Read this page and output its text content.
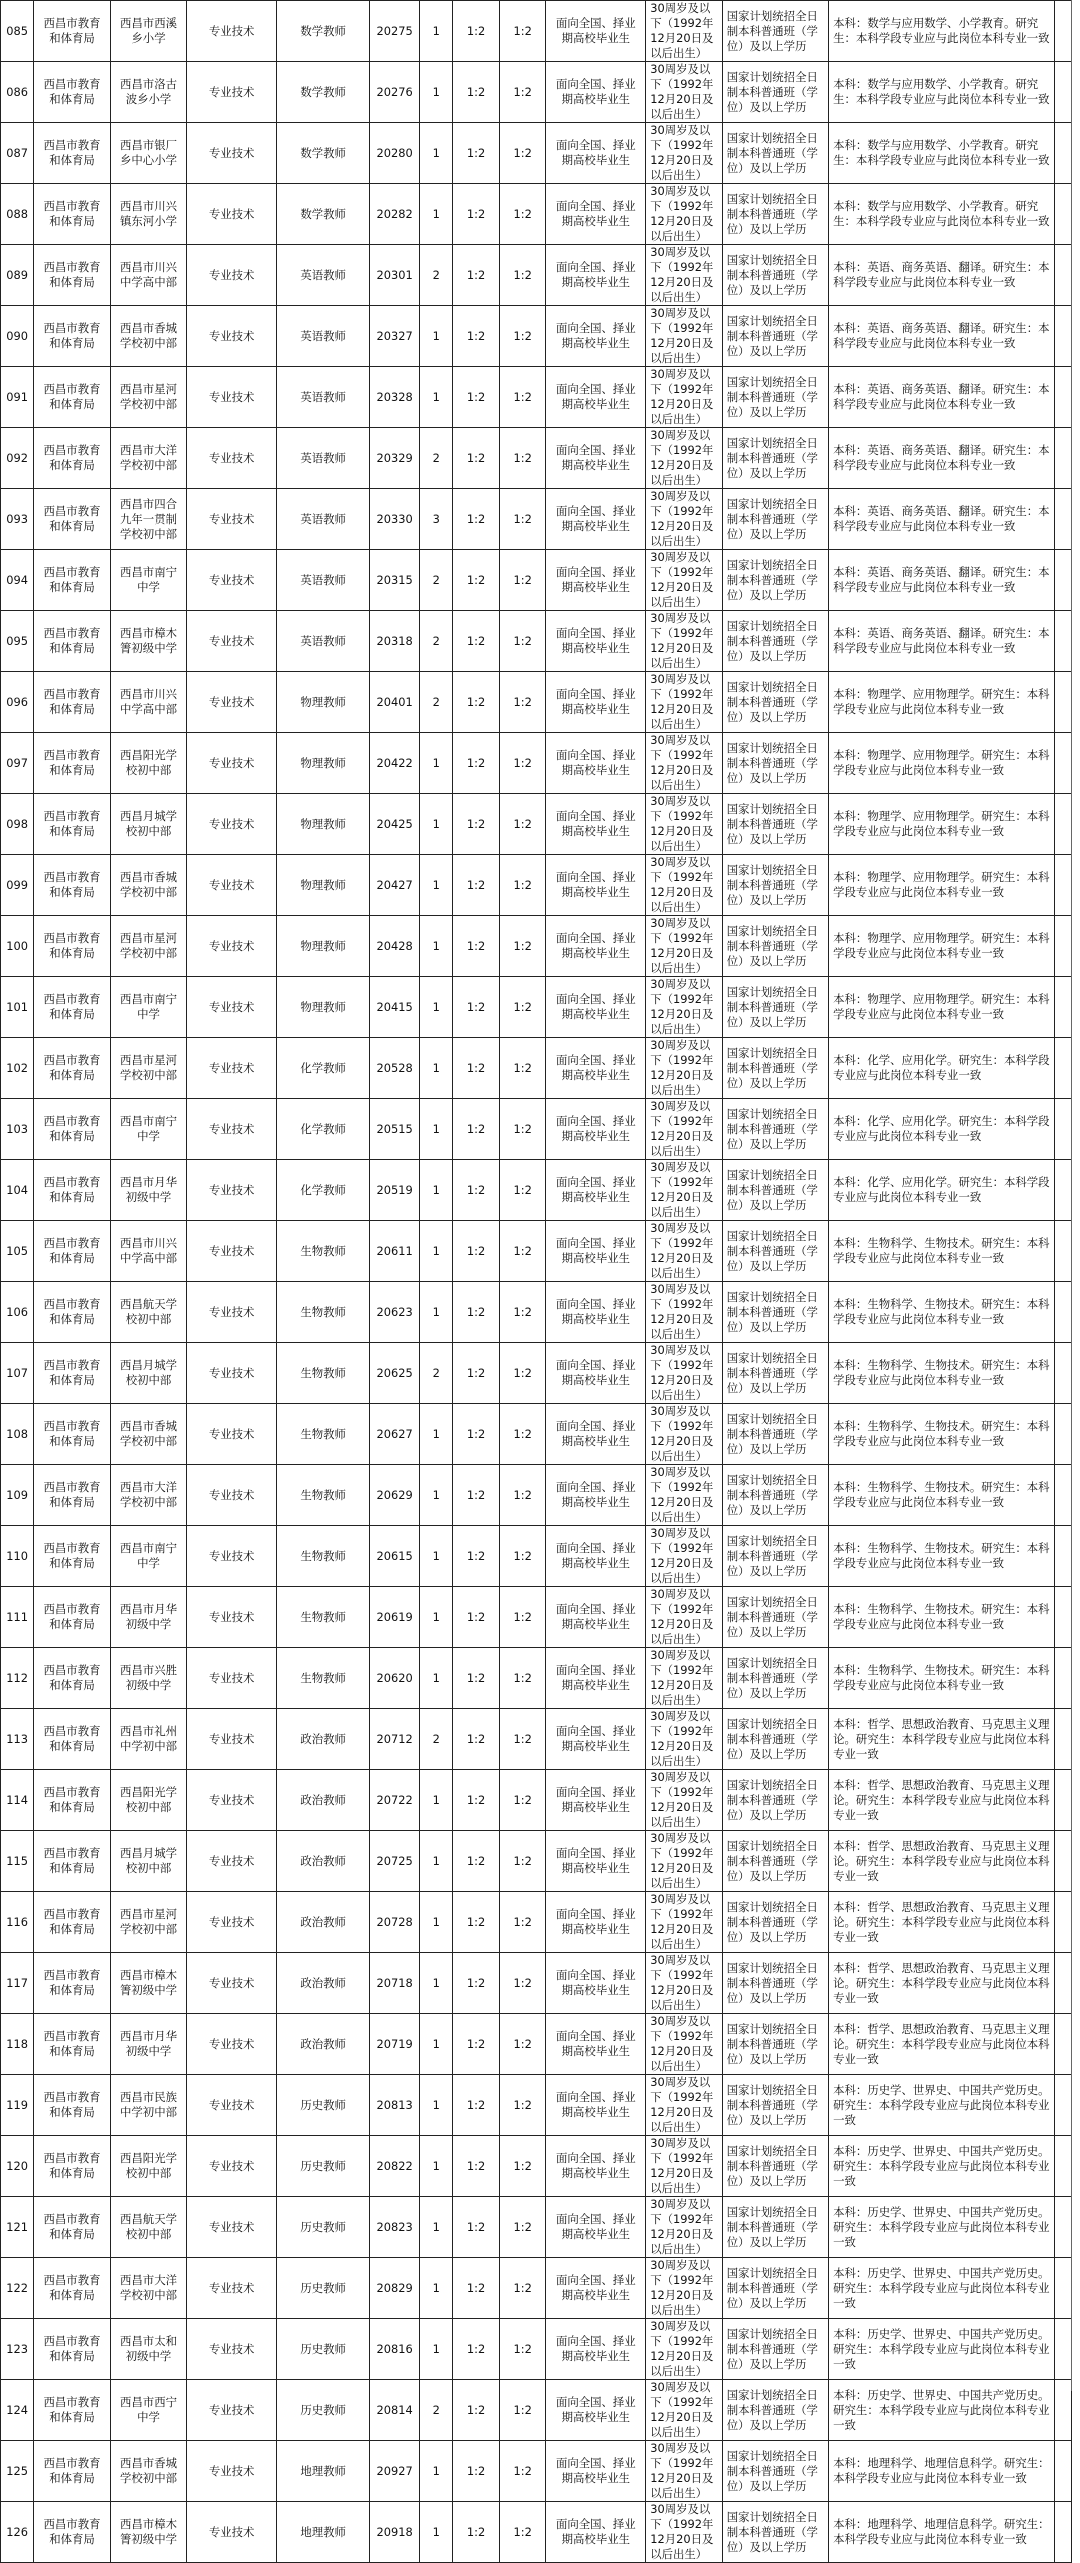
085	西昌市教育和体育局	西昌市西溪乡小学	专业技术	数学教师	20275	1	1:2	1:2	面向全国、择业期高校毕业生	30周岁及以下（1992年12月20日及以后出生）	国家计划统招全日制本科普通班（学位）及以上学历	本科：数学与应用数学、小学教育。研究生：本科学段专业应与此岗位本科专业一致	
086	西昌市教育和体育局	西昌市洛古波乡小学	专业技术	数学教师	20276	1	1:2	1:2	面向全国、择业期高校毕业生	30周岁及以下（1992年12月20日及以后出生）	国家计划统招全日制本科普通班（学位）及以上学历	本科：数学与应用数学、小学教育。研究生：本科学段专业应与此岗位本科专业一致	
087	西昌市教育和体育局	西昌市银厂乡中心小学	专业技术	数学教师	20280	1	1:2	1:2	面向全国、择业期高校毕业生	30周岁及以下（1992年12月20日及以后出生）	国家计划统招全日制本科普通班（学位）及以上学历	本科：数学与应用数学、小学教育。研究生：本科学段专业应与此岗位本科专业一致	
088	西昌市教育和体育局	西昌市川兴镇东河小学	专业技术	数学教师	20282	1	1:2	1:2	面向全国、择业期高校毕业生	30周岁及以下（1992年12月20日及以后出生）	国家计划统招全日制本科普通班（学位）及以上学历	本科：数学与应用数学、小学教育。研究生：本科学段专业应与此岗位本科专业一致	
089	西昌市教育和体育局	西昌市川兴中学高中部	专业技术	英语教师	20301	2	1:2	1:2	面向全国、择业期高校毕业生	30周岁及以下（1992年12月20日及以后出生）	国家计划统招全日制本科普通班（学位）及以上学历	本科：英语、商务英语、翻译。研究生：本科学段专业应与此岗位本科专业一致	
090	西昌市教育和体育局	西昌市香城学校初中部	专业技术	英语教师	20327	1	1:2	1:2	面向全国、择业期高校毕业生	30周岁及以下（1992年12月20日及以后出生）	国家计划统招全日制本科普通班（学位）及以上学历	本科：英语、商务英语、翻译。研究生：本科学段专业应与此岗位本科专业一致	
091	西昌市教育和体育局	西昌市星河学校初中部	专业技术	英语教师	20328	1	1:2	1:2	面向全国、择业期高校毕业生	30周岁及以下（1992年12月20日及以后出生）	国家计划统招全日制本科普通班（学位）及以上学历	本科：英语、商务英语、翻译。研究生：本科学段专业应与此岗位本科专业一致	
092	西昌市教育和体育局	西昌市大洋学校初中部	专业技术	英语教师	20329	2	1:2	1:2	面向全国、择业期高校毕业生	30周岁及以下（1992年12月20日及以后出生）	国家计划统招全日制本科普通班（学位）及以上学历	本科：英语、商务英语、翻译。研究生：本科学段专业应与此岗位本科专业一致	
093	西昌市教育和体育局	西昌市四合九年一贯制学校初中部	专业技术	英语教师	20330	3	1:2	1:2	面向全国、择业期高校毕业生	30周岁及以下（1992年12月20日及以后出生）	国家计划统招全日制本科普通班（学位）及以上学历	本科：英语、商务英语、翻译。研究生：本科学段专业应与此岗位本科专业一致	
094	西昌市教育和体育局	西昌市南宁中学	专业技术	英语教师	20315	2	1:2	1:2	面向全国、择业期高校毕业生	30周岁及以下（1992年12月20日及以后出生）	国家计划统招全日制本科普通班（学位）及以上学历	本科：英语、商务英语、翻译。研究生：本科学段专业应与此岗位本科专业一致	
095	西昌市教育和体育局	西昌市樟木箐初级中学	专业技术	英语教师	20318	2	1:2	1:2	面向全国、择业期高校毕业生	30周岁及以下（1992年12月20日及以后出生）	国家计划统招全日制本科普通班（学位）及以上学历	本科：英语、商务英语、翻译。研究生：本科学段专业应与此岗位本科专业一致	
096	西昌市教育和体育局	西昌市川兴中学高中部	专业技术	物理教师	20401	2	1:2	1:2	面向全国、择业期高校毕业生	30周岁及以下（1992年12月20日及以后出生）	国家计划统招全日制本科普通班（学位）及以上学历	本科：物理学、应用物理学。研究生：本科学段专业应与此岗位本科专业一致	
097	西昌市教育和体育局	西昌阳光学校初中部	专业技术	物理教师	20422	1	1:2	1:2	面向全国、择业期高校毕业生	30周岁及以下（1992年12月20日及以后出生）	国家计划统招全日制本科普通班（学位）及以上学历	本科：物理学、应用物理学。研究生：本科学段专业应与此岗位本科专业一致	
098	西昌市教育和体育局	西昌月城学校初中部	专业技术	物理教师	20425	1	1:2	1:2	面向全国、择业期高校毕业生	30周岁及以下（1992年12月20日及以后出生）	国家计划统招全日制本科普通班（学位）及以上学历	本科：物理学、应用物理学。研究生：本科学段专业应与此岗位本科专业一致	
099	西昌市教育和体育局	西昌市香城学校初中部	专业技术	物理教师	20427	1	1:2	1:2	面向全国、择业期高校毕业生	30周岁及以下（1992年12月20日及以后出生）	国家计划统招全日制本科普通班（学位）及以上学历	本科：物理学、应用物理学。研究生：本科学段专业应与此岗位本科专业一致	
100	西昌市教育和体育局	西昌市星河学校初中部	专业技术	物理教师	20428	1	1:2	1:2	面向全国、择业期高校毕业生	30周岁及以下（1992年12月20日及以后出生）	国家计划统招全日制本科普通班（学位）及以上学历	本科：物理学、应用物理学。研究生：本科学段专业应与此岗位本科专业一致	
101	西昌市教育和体育局	西昌市南宁中学	专业技术	物理教师	20415	1	1:2	1:2	面向全国、择业期高校毕业生	30周岁及以下（1992年12月20日及以后出生）	国家计划统招全日制本科普通班（学位）及以上学历	本科：物理学、应用物理学。研究生：本科学段专业应与此岗位本科专业一致	
102	西昌市教育和体育局	西昌市星河学校初中部	专业技术	化学教师	20528	1	1:2	1:2	面向全国、择业期高校毕业生	30周岁及以下（1992年12月20日及以后出生）	国家计划统招全日制本科普通班（学位）及以上学历	本科：化学、应用化学。研究生：本科学段专业应与此岗位本科专业一致	
103	西昌市教育和体育局	西昌市南宁中学	专业技术	化学教师	20515	1	1:2	1:2	面向全国、择业期高校毕业生	30周岁及以下（1992年12月20日及以后出生）	国家计划统招全日制本科普通班（学位）及以上学历	本科：化学、应用化学。研究生：本科学段专业应与此岗位本科专业一致	
104	西昌市教育和体育局	西昌市月华初级中学	专业技术	化学教师	20519	1	1:2	1:2	面向全国、择业期高校毕业生	30周岁及以下（1992年12月20日及以后出生）	国家计划统招全日制本科普通班（学位）及以上学历	本科：化学、应用化学。研究生：本科学段专业应与此岗位本科专业一致	
105	西昌市教育和体育局	西昌市川兴中学高中部	专业技术	生物教师	20611	1	1:2	1:2	面向全国、择业期高校毕业生	30周岁及以下（1992年12月20日及以后出生）	国家计划统招全日制本科普通班（学位）及以上学历	本科：生物科学、生物技术。研究生：本科学段专业应与此岗位本科专业一致	
106	西昌市教育和体育局	西昌航天学校初中部	专业技术	生物教师	20623	1	1:2	1:2	面向全国、择业期高校毕业生	30周岁及以下（1992年12月20日及以后出生）	国家计划统招全日制本科普通班（学位）及以上学历	本科：生物科学、生物技术。研究生：本科学段专业应与此岗位本科专业一致	
107	西昌市教育和体育局	西昌月城学校初中部	专业技术	生物教师	20625	2	1:2	1:2	面向全国、择业期高校毕业生	30周岁及以下（1992年12月20日及以后出生）	国家计划统招全日制本科普通班（学位）及以上学历	本科：生物科学、生物技术。研究生：本科学段专业应与此岗位本科专业一致	
108	西昌市教育和体育局	西昌市香城学校初中部	专业技术	生物教师	20627	1	1:2	1:2	面向全国、择业期高校毕业生	30周岁及以下（1992年12月20日及以后出生）	国家计划统招全日制本科普通班（学位）及以上学历	本科：生物科学、生物技术。研究生：本科学段专业应与此岗位本科专业一致	
109	西昌市教育和体育局	西昌市大洋学校初中部	专业技术	生物教师	20629	1	1:2	1:2	面向全国、择业期高校毕业生	30周岁及以下（1992年12月20日及以后出生）	国家计划统招全日制本科普通班（学位）及以上学历	本科：生物科学、生物技术。研究生：本科学段专业应与此岗位本科专业一致	
110	西昌市教育和体育局	西昌市南宁中学	专业技术	生物教师	20615	1	1:2	1:2	面向全国、择业期高校毕业生	30周岁及以下（1992年12月20日及以后出生）	国家计划统招全日制本科普通班（学位）及以上学历	本科：生物科学、生物技术。研究生：本科学段专业应与此岗位本科专业一致	
111	西昌市教育和体育局	西昌市月华初级中学	专业技术	生物教师	20619	1	1:2	1:2	面向全国、择业期高校毕业生	30周岁及以下（1992年12月20日及以后出生）	国家计划统招全日制本科普通班（学位）及以上学历	本科：生物科学、生物技术。研究生：本科学段专业应与此岗位本科专业一致	
112	西昌市教育和体育局	西昌市兴胜初级中学	专业技术	生物教师	20620	1	1:2	1:2	面向全国、择业期高校毕业生	30周岁及以下（1992年12月20日及以后出生）	国家计划统招全日制本科普通班（学位）及以上学历	本科：生物科学、生物技术。研究生：本科学段专业应与此岗位本科专业一致	
113	西昌市教育和体育局	西昌市礼州中学初中部	专业技术	政治教师	20712	2	1:2	1:2	面向全国、择业期高校毕业生	30周岁及以下（1992年12月20日及以后出生）	国家计划统招全日制本科普通班（学位）及以上学历	本科：哲学、思想政治教育、马克思主义理论。研究生：本科学段专业应与此岗位本科专业一致	
114	西昌市教育和体育局	西昌阳光学校初中部	专业技术	政治教师	20722	1	1:2	1:2	面向全国、择业期高校毕业生	30周岁及以下（1992年12月20日及以后出生）	国家计划统招全日制本科普通班（学位）及以上学历	本科：哲学、思想政治教育、马克思主义理论。研究生：本科学段专业应与此岗位本科专业一致	
115	西昌市教育和体育局	西昌月城学校初中部	专业技术	政治教师	20725	1	1:2	1:2	面向全国、择业期高校毕业生	30周岁及以下（1992年12月20日及以后出生）	国家计划统招全日制本科普通班（学位）及以上学历	本科：哲学、思想政治教育、马克思主义理论。研究生：本科学段专业应与此岗位本科专业一致	
116	西昌市教育和体育局	西昌市星河学校初中部	专业技术	政治教师	20728	1	1:2	1:2	面向全国、择业期高校毕业生	30周岁及以下（1992年12月20日及以后出生）	国家计划统招全日制本科普通班（学位）及以上学历	本科：哲学、思想政治教育、马克思主义理论。研究生：本科学段专业应与此岗位本科专业一致	
117	西昌市教育和体育局	西昌市樟木箐初级中学	专业技术	政治教师	20718	1	1:2	1:2	面向全国、择业期高校毕业生	30周岁及以下（1992年12月20日及以后出生）	国家计划统招全日制本科普通班（学位）及以上学历	本科：哲学、思想政治教育、马克思主义理论。研究生：本科学段专业应与此岗位本科专业一致	
118	西昌市教育和体育局	西昌市月华初级中学	专业技术	政治教师	20719	1	1:2	1:2	面向全国、择业期高校毕业生	30周岁及以下（1992年12月20日及以后出生）	国家计划统招全日制本科普通班（学位）及以上学历	本科：哲学、思想政治教育、马克思主义理论。研究生：本科学段专业应与此岗位本科专业一致	
119	西昌市教育和体育局	西昌市民族中学初中部	专业技术	历史教师	20813	1	1:2	1:2	面向全国、择业期高校毕业生	30周岁及以下（1992年12月20日及以后出生）	国家计划统招全日制本科普通班（学位）及以上学历	本科：历史学、世界史、中国共产党历史。研究生：本科学段专业应与此岗位本科专业一致	
120	西昌市教育和体育局	西昌阳光学校初中部	专业技术	历史教师	20822	1	1:2	1:2	面向全国、择业期高校毕业生	30周岁及以下（1992年12月20日及以后出生）	国家计划统招全日制本科普通班（学位）及以上学历	本科：历史学、世界史、中国共产党历史。研究生：本科学段专业应与此岗位本科专业一致	
121	西昌市教育和体育局	西昌航天学校初中部	专业技术	历史教师	20823	1	1:2	1:2	面向全国、择业期高校毕业生	30周岁及以下（1992年12月20日及以后出生）	国家计划统招全日制本科普通班（学位）及以上学历	本科：历史学、世界史、中国共产党历史。研究生：本科学段专业应与此岗位本科专业一致	
122	西昌市教育和体育局	西昌市大洋学校初中部	专业技术	历史教师	20829	1	1:2	1:2	面向全国、择业期高校毕业生	30周岁及以下（1992年12月20日及以后出生）	国家计划统招全日制本科普通班（学位）及以上学历	本科：历史学、世界史、中国共产党历史。研究生：本科学段专业应与此岗位本科专业一致	
123	西昌市教育和体育局	西昌市太和初级中学	专业技术	历史教师	20816	1	1:2	1:2	面向全国、择业期高校毕业生	30周岁及以下（1992年12月20日及以后出生）	国家计划统招全日制本科普通班（学位）及以上学历	本科：历史学、世界史、中国共产党历史。研究生：本科学段专业应与此岗位本科专业一致	
124	西昌市教育和体育局	西昌市西宁中学	专业技术	历史教师	20814	2	1:2	1:2	面向全国、择业期高校毕业生	30周岁及以下（1992年12月20日及以后出生）	国家计划统招全日制本科普通班（学位）及以上学历	本科：历史学、世界史、中国共产党历史。研究生：本科学段专业应与此岗位本科专业一致	
125	西昌市教育和体育局	西昌市香城学校初中部	专业技术	地理教师	20927	1	1:2	1:2	面向全国、择业期高校毕业生	30周岁及以下（1992年12月20日及以后出生）	国家计划统招全日制本科普通班（学位）及以上学历	本科：地理科学、地理信息科学。研究生：本科学段专业应与此岗位本科专业一致	
126	西昌市教育和体育局	西昌市樟木箐初级中学	专业技术	地理教师	20918	1	1:2	1:2	面向全国、择业期高校毕业生	30周岁及以下（1992年12月20日及以后出生）	国家计划统招全日制本科普通班（学位）及以上学历	本科：地理科学、地理信息科学。研究生：本科学段专业应与此岗位本科专业一致	
